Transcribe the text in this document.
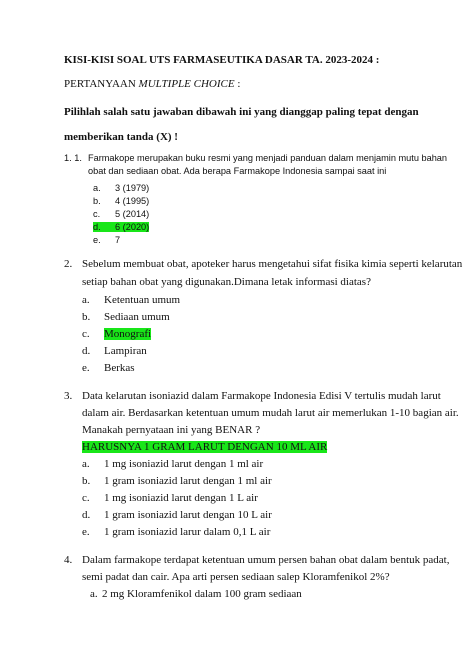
KISI-KISI SOAL UTS FARMASEUTIKA DASAR TA. 2023-2024 :
PERTANYAAN MULTIPLE CHOICE :
Pilihlah salah satu jawaban dibawah ini yang dianggap paling tepat dengan
memberikan tanda (X) !
1. 1. Farmakope merupakan buku resmi yang menjadi panduan dalam menjamin mutu bahan
obat dan sediaan obat. Ada berapa Farmakope Indonesia sampai saat ini
a. 3 (1979)
b. 4 (1995)
c. 5 (2014)
d. 6 (2020)
e. 7
2. Sebelum membuat obat, apoteker harus mengetahui sifat fisika kimia seperti kelarutan
setiap bahan obat yang digunakan.Dimana letak informasi diatas?
a. Ketentuan umum
b. Sediaan umum
c. Monografi
d. Lampiran
e. Berkas
3. Data kelarutan isoniazid dalam Farmakope Indonesia Edisi V tertulis mudah larut
dalam air. Berdasarkan ketentuan umum mudah larut air memerlukan 1-10 bagian air.
Manakah pernyataan ini yang BENAR ?
HARUSNYA 1 GRAM LARUT DENGAN 10 ML AIR
a. 1 mg isoniazid larut dengan 1 ml air
b. 1 gram isoniazid larut dengan 1 ml air
c. 1 mg isoniazid larut dengan 1 L air
d. 1 gram isoniazid larut dengan 10 L air
e. 1 gram isoniazid larur dalam 0,1 L air
4. Dalam farmakope terdapat ketentuan umum persen bahan obat dalam bentuk padat,
semi padat dan cair. Apa arti persen sediaan salep Kloramfenikol 2%?
a. 2 mg Kloramfenikol dalam 100 gram sediaan
